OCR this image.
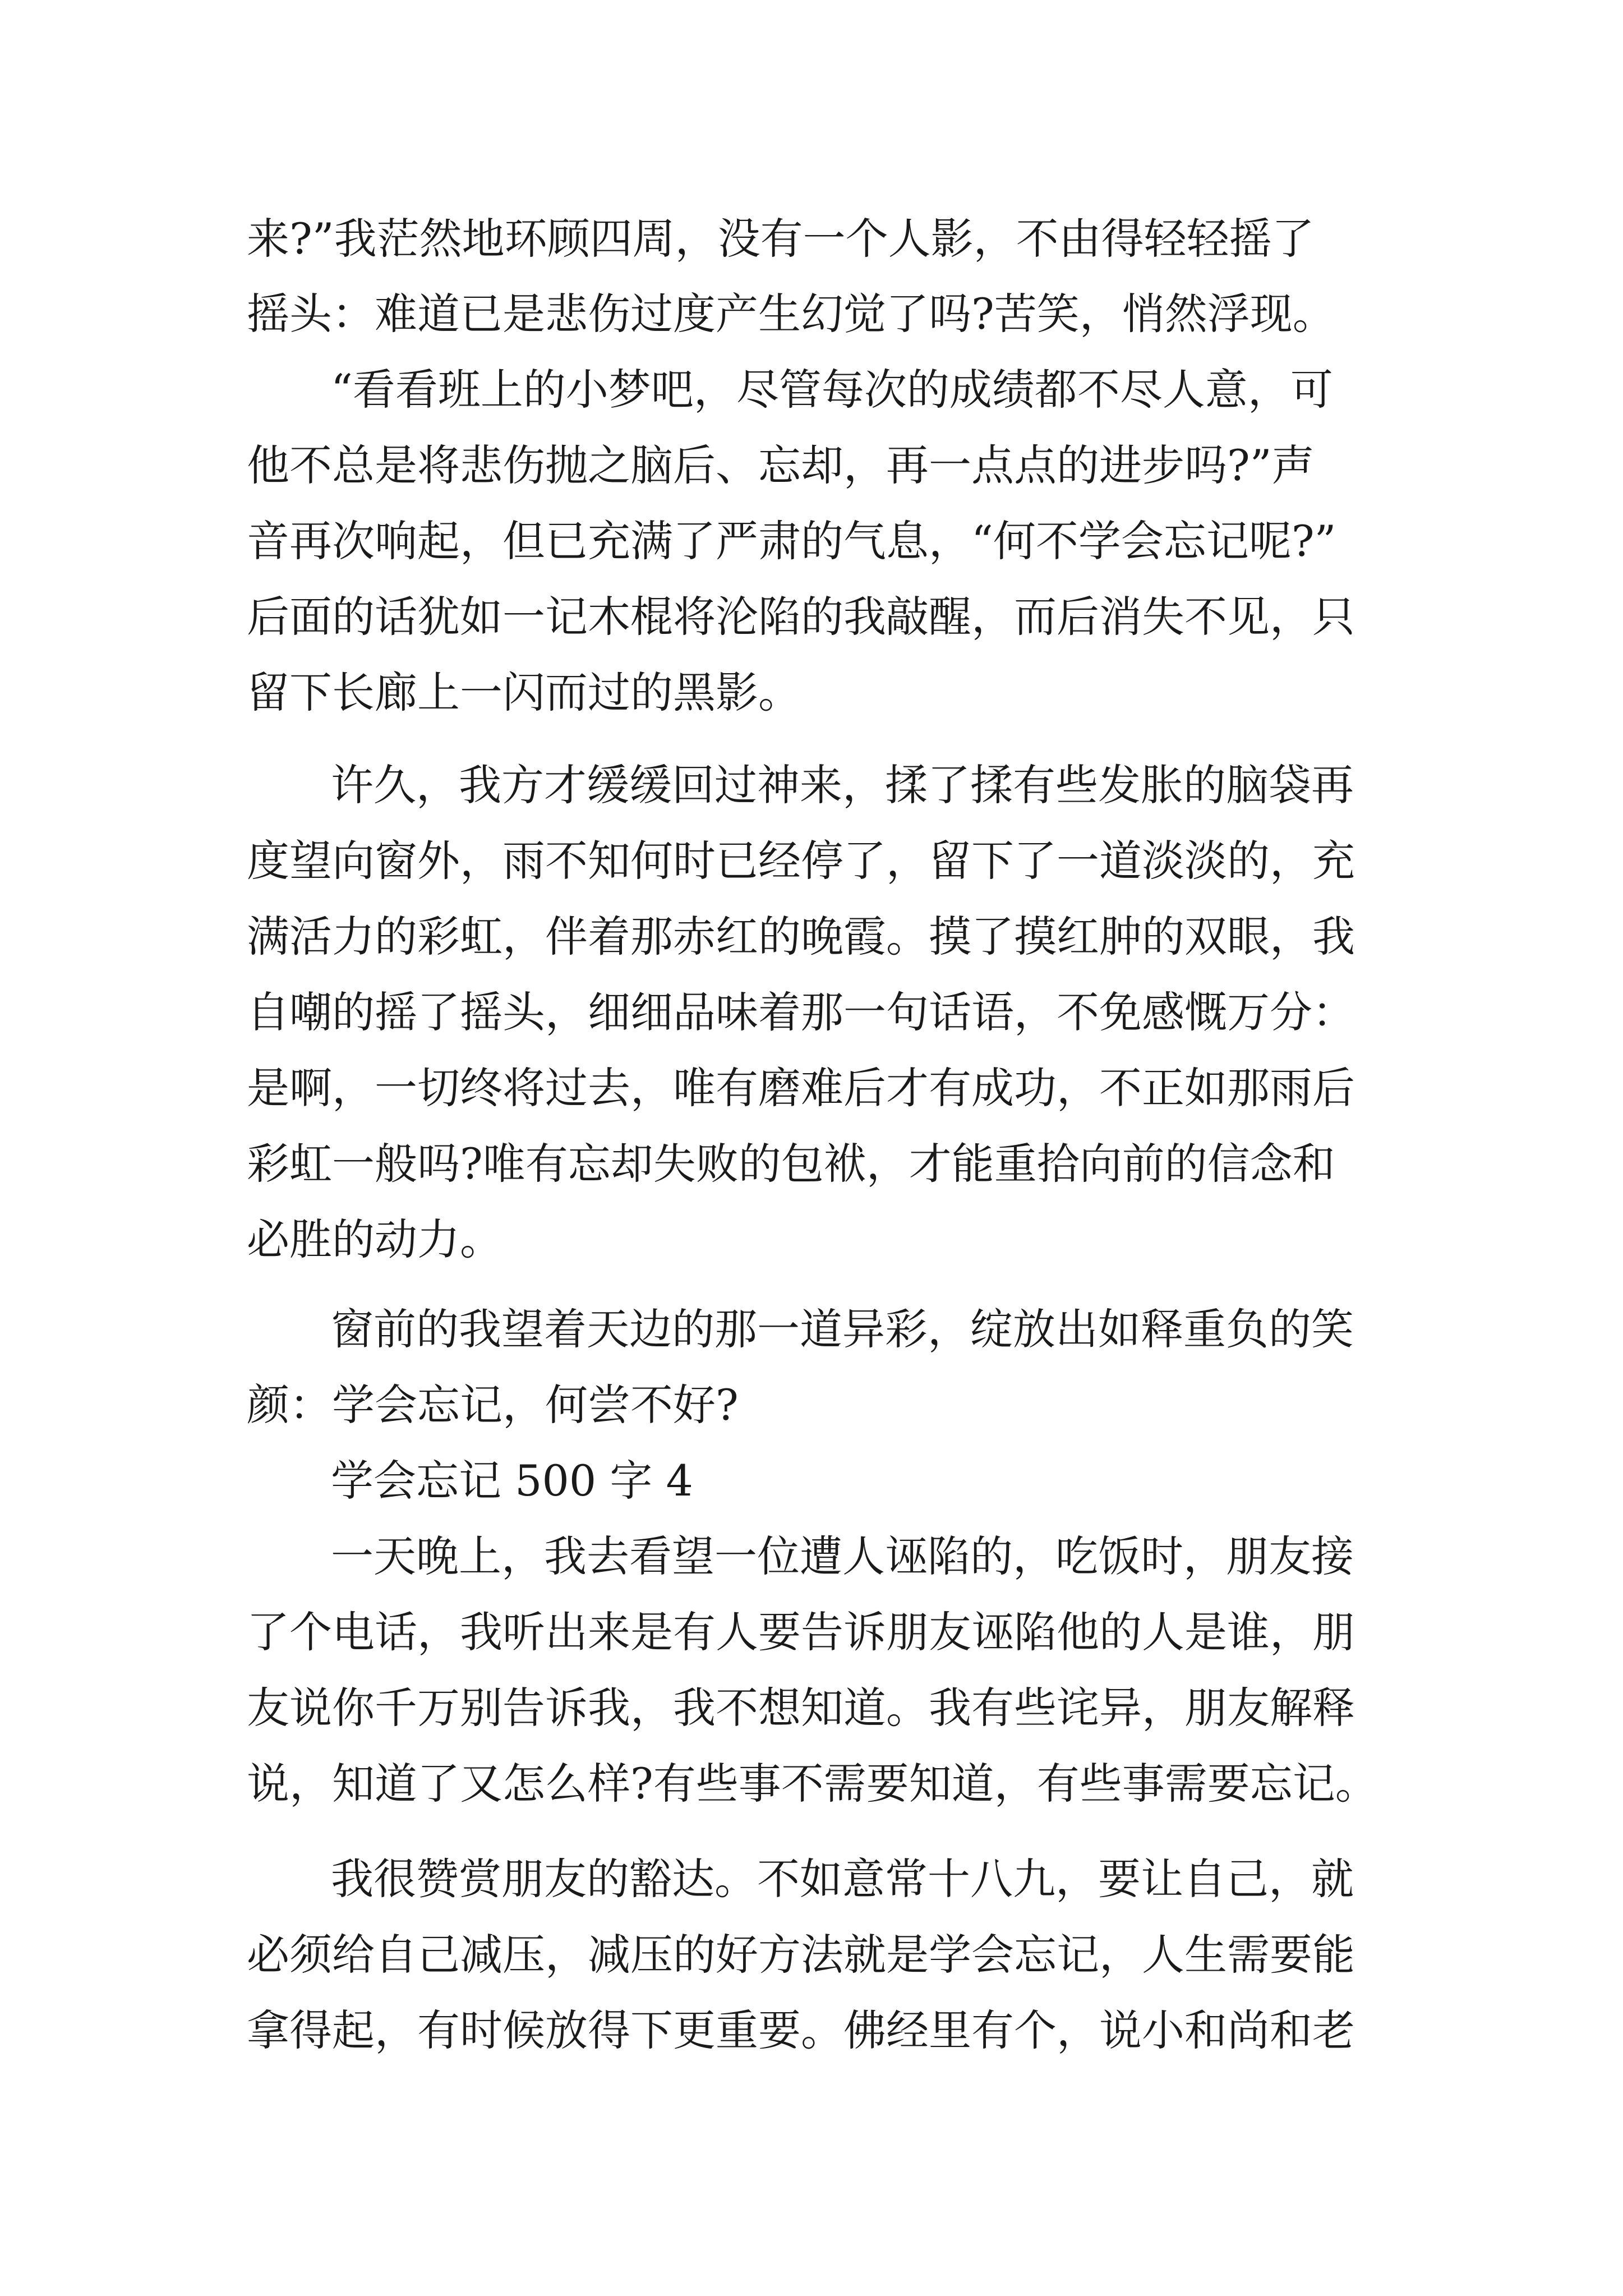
来?”我茫然地环顾四周，没有一个人影，不由得轻轻摇了

摇头：难道已是悲伤过度产生幻觉了吗?苦笑，悄然浮现。

“看看班上的小梦吧，尽管每次的成绩都不尽人意，可

他不总是将悲伤抛之脑后、忘却，再一点点的进步吗?”声

音再次响起，但已充满了严肃的气息，“何不学会忘记呢?”

后面的话犹如一记木棍将沦陷的我敲醒，而后消失不见，只

留下长廊上一闪而过的黑影。

许久，我方才缓缓回过神来，揉了揉有些发胀的脑袋再

度望向窗外，雨不知何时已经停了，留下了一道淡淡的，充

满活力的彩虹，伴着那赤红的晚霞。摸了摸红肿的双眼，我

自嘲的摇了摇头，细细品味着那一句话语，不免感慨万分：

是啊，一切终将过去，唯有磨难后才有成功，不正如那雨后

彩虹一般吗?唯有忘却失败的包袱，才能重拾向前的信念和

必胜的动力。

窗前的我望着天边的那一道异彩，绽放出如释重负的笑

颜：学会忘记，何尝不好?

学会忘记 500 字 4

一天晚上，我去看望一位遭人诬陷的，吃饭时，朋友接

了个电话，我听出来是有人要告诉朋友诬陷他的人是谁，朋

友说你千万别告诉我，我不想知道。我有些诧异，朋友解释

说，知道了又怎么样?有些事不需要知道，有些事需要忘记。

我很赞赏朋友的豁达。不如意常十八九，要让自己，就

必须给自己减压，减压的好方法就是学会忘记，人生需要能

拿得起，有时候放得下更重要。佛经里有个，说小和尚和老
